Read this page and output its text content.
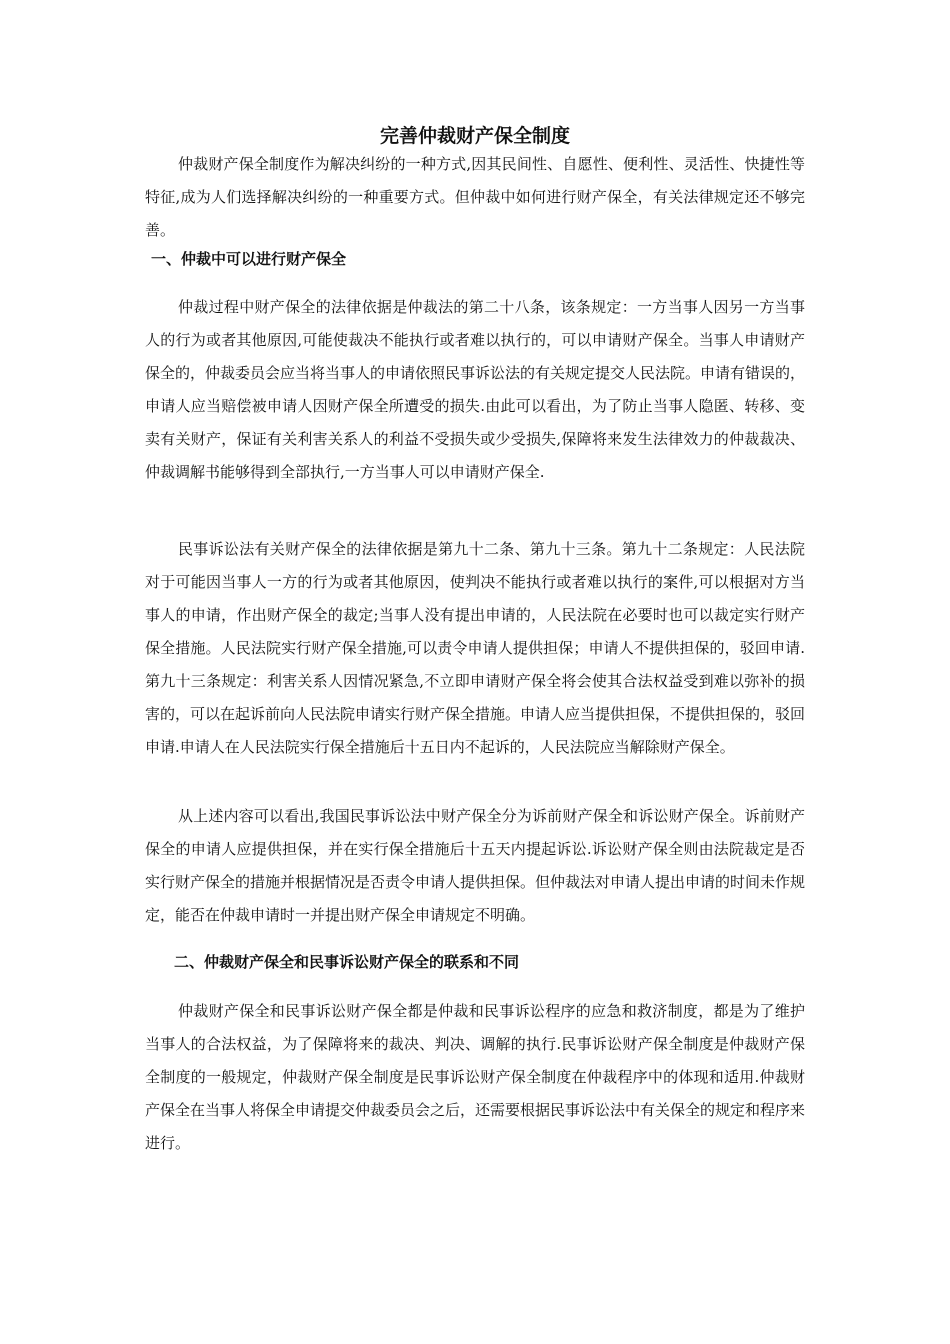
完善仲裁财产保全制度

仲裁财产保全制度作为解决纠纷的一种方式,因其民间性、自愿性、便利性、灵活性、快捷性等特征,成为人们选择解决纠纷的一种重要方式。但仲裁中如何进行财产保全，有关法律规定还不够完善。

一、仲裁中可以进行财产保全

仲裁过程中财产保全的法律依据是仲裁法的第二十八条，该条规定：一方当事人因另一方当事人的行为或者其他原因,可能使裁决不能执行或者难以执行的，可以申请财产保全。当事人申请财产保全的，仲裁委员会应当将当事人的申请依照民事诉讼法的有关规定提交人民法院。申请有错误的，申请人应当赔偿被申请人因财产保全所遭受的损失.由此可以看出，为了防止当事人隐匿、转移、变卖有关财产，保证有关利害关系人的利益不受损失或少受损失,保障将来发生法律效力的仲裁裁决、仲裁调解书能够得到全部执行,一方当事人可以申请财产保全.

民事诉讼法有关财产保全的法律依据是第九十二条、第九十三条。第九十二条规定：人民法院对于可能因当事人一方的行为或者其他原因，使判决不能执行或者难以执行的案件,可以根据对方当事人的申请，作出财产保全的裁定;当事人没有提出申请的，人民法院在必要时也可以裁定实行财产保全措施。人民法院实行财产保全措施,可以责令申请人提供担保；申请人不提供担保的，驳回申请.第九十三条规定：利害关系人因情况紧急,不立即申请财产保全将会使其合法权益受到难以弥补的损害的，可以在起诉前向人民法院申请实行财产保全措施。申请人应当提供担保，不提供担保的，驳回申请.申请人在人民法院实行保全措施后十五日内不起诉的，人民法院应当解除财产保全。

从上述内容可以看出,我国民事诉讼法中财产保全分为诉前财产保全和诉讼财产保全。诉前财产保全的申请人应提供担保，并在实行保全措施后十五天内提起诉讼.诉讼财产保全则由法院裁定是否实行财产保全的措施并根据情况是否责令申请人提供担保。但仲裁法对申请人提出申请的时间未作规定，能否在仲裁申请时一并提出财产保全申请规定不明确。

二、仲裁财产保全和民事诉讼财产保全的联系和不同

仲裁财产保全和民事诉讼财产保全都是仲裁和民事诉讼程序的应急和救济制度，都是为了维护当事人的合法权益，为了保障将来的裁决、判决、调解的执行.民事诉讼财产保全制度是仲裁财产保全制度的一般规定，仲裁财产保全制度是民事诉讼财产保全制度在仲裁程序中的体现和适用.仲裁财产保全在当事人将保全申请提交仲裁委员会之后，还需要根据民事诉讼法中有关保全的规定和程序来进行。
